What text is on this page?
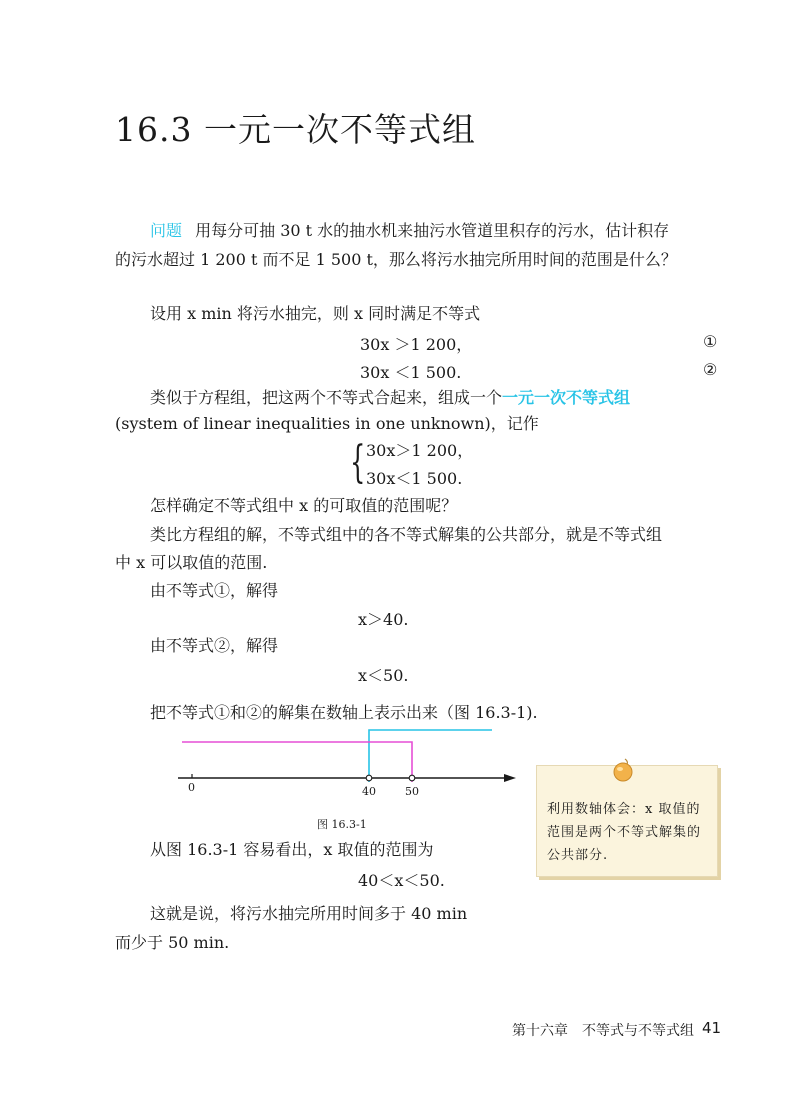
16.3 一元一次不等式组
问题 用每分可抽 30 t 水的抽水机来抽污水管道里积存的污水，估计积存
的污水超过 1 200 t 而不足 1 500 t，那么将污水抽完所用时间的范围是什么？
设用 x min 将污水抽完，则 x 同时满足不等式
30x ＞1 200，	①
30x ＜1 500.	②
类似于方程组，把这两个不等式合起来，组成一个一元一次不等式组
(system of linear inequalities in one unknown)，记作
{ 30x＞1 200，
30x＜1 500.
怎样确定不等式组中 x 的可取值的范围呢？
类比方程组的解，不等式组中的各不等式解集的公共部分，就是不等式组
中 x 可以取值的范围.
由不等式①，解得
x＞40.
由不等式②，解得
x＜50.
把不等式①和②的解集在数轴上表示出来（图 16.3-1).
0	40	50
图 16.3-1
利用数轴体会：x 取值的范围是两个不等式解集的公共部分.
从图 16.3-1 容易看出，x 取值的范围为
40＜x＜50.
这就是说，将污水抽完所用时间多于 40 min
而少于 50 min.
第十六章　不等式与不等式组 41
